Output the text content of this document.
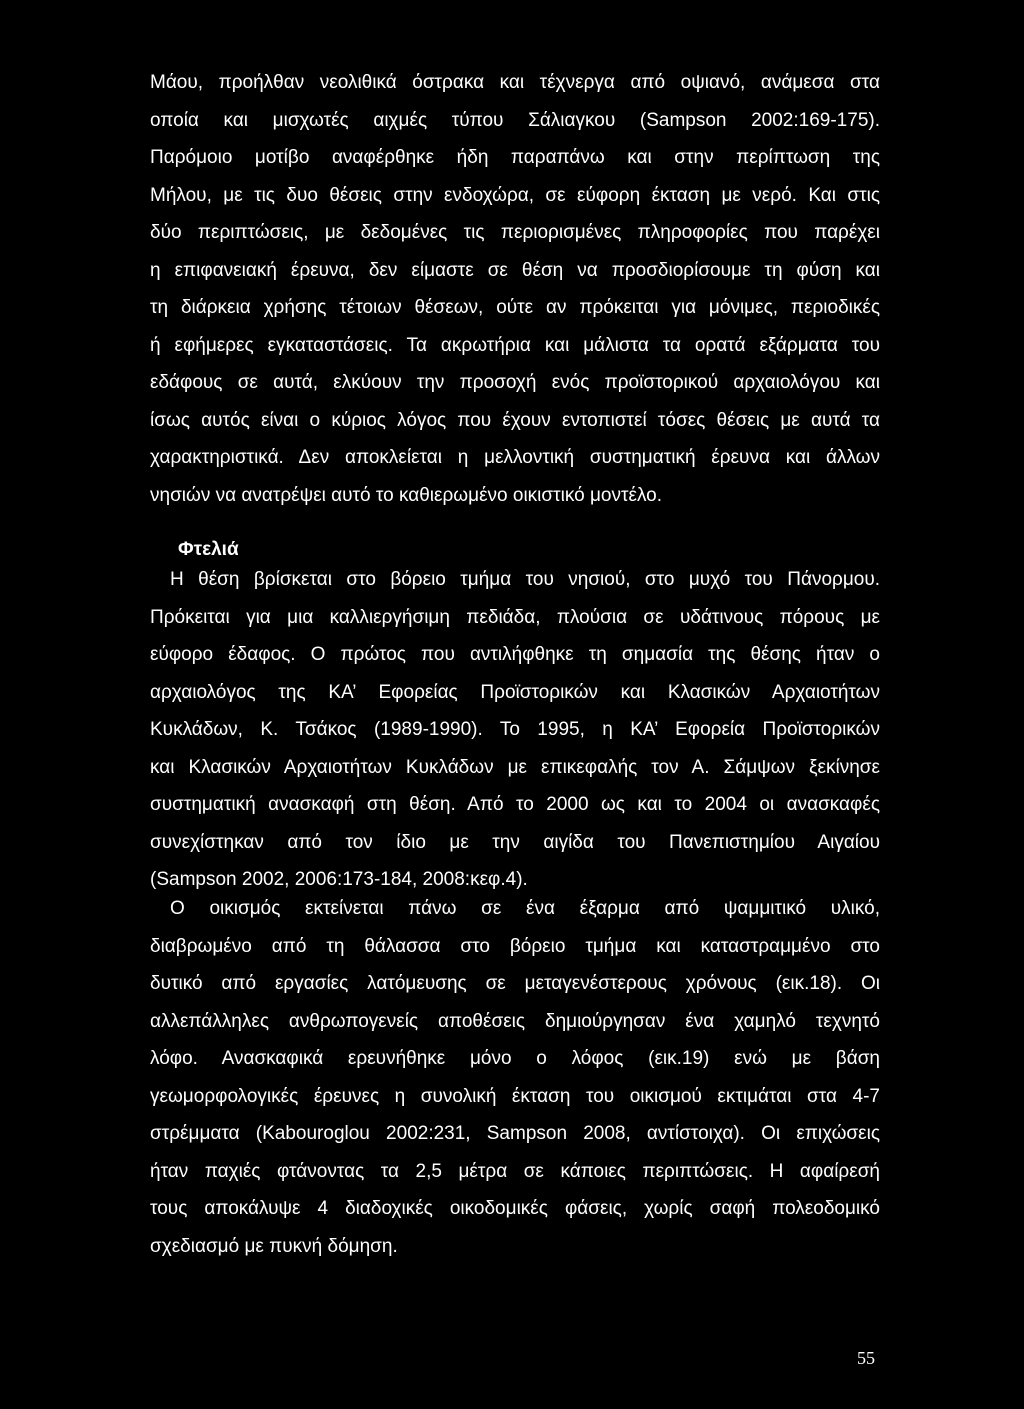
Μάου, προήλθαν νεολιθικά όστρακα και τέχνεργα από οψιανό, ανάμεσα στα
οποία και μισχωτές αιχμές τύπου Σάλιαγκου (Sampson 2002:169-175).
Παρόμοιο μοτίβο αναφέρθηκε ήδη παραπάνω και στην περίπτωση της
Μήλου, με τις δυο θέσεις στην ενδοχώρα, σε εύφορη έκταση με νερό. Και στις
δύο περιπτώσεις, με δεδομένες τις περιορισμένες πληροφορίες που παρέχει
η επιφανειακή έρευνα, δεν είμαστε σε θέση να προσδιορίσουμε τη φύση και
τη διάρκεια χρήσης τέτοιων θέσεων, ούτε αν πρόκειται για μόνιμες, περιοδικές
ή εφήμερες εγκαταστάσεις. Τα ακρωτήρια και μάλιστα τα ορατά εξάρματα του
εδάφους σε αυτά, ελκύουν την προσοχή ενός προϊστορικού αρχαιολόγου και
ίσως αυτός είναι ο κύριος λόγος που έχουν εντοπιστεί τόσες θέσεις με αυτά τα
χαρακτηριστικά. Δεν αποκλείεται η μελλοντική συστηματική έρευνα και άλλων
νησιών να ανατρέψει αυτό το καθιερωμένο οικιστικό μοντέλο.
Φτελιά
Η θέση βρίσκεται στο βόρειο τμήμα του νησιού, στο μυχό του Πάνορμου.
Πρόκειται για μια καλλιεργήσιμη πεδιάδα, πλούσια σε υδάτινους πόρους με
εύφορο έδαφος. Ο πρώτος που αντιλήφθηκε τη σημασία της θέσης ήταν ο
αρχαιολόγος της ΚΑ’ Εφορείας Προϊστορικών και Κλασικών Αρχαιοτήτων
Κυκλάδων, Κ. Τσάκος (1989-1990). Το 1995, η ΚΑ’ Εφορεία Προϊστορικών
και Κλασικών Αρχαιοτήτων Κυκλάδων με επικεφαλής τον Α. Σάμψων ξεκίνησε
συστηματική ανασκαφή στη θέση. Από το 2000 ως και το 2004 οι ανασκαφές
συνεχίστηκαν από τον ίδιο με την αιγίδα του Πανεπιστημίου Αιγαίου
(Sampson 2002, 2006:173-184, 2008:κεφ.4).
Ο οικισμός εκτείνεται πάνω σε ένα έξαρμα από ψαμμιτικό υλικό,
διαβρωμένο από τη θάλασσα στο βόρειο τμήμα και καταστραμμένο στο
δυτικό από εργασίες λατόμευσης σε μεταγενέστερους χρόνους (εικ.18). Οι
αλλεπάλληλες ανθρωπογενείς αποθέσεις δημιούργησαν ένα χαμηλό τεχνητό
λόφο. Ανασκαφικά ερευνήθηκε μόνο ο λόφος (εικ.19) ενώ με βάση
γεωμορφολογικές έρευνες η συνολική έκταση του οικισμού εκτιμάται στα 4-7
στρέμματα (Kabouroglou 2002:231, Sampson 2008, αντίστοιχα). Οι επιχώσεις
ήταν παχιές φτάνοντας τα 2,5 μέτρα σε κάποιες περιπτώσεις. Η αφαίρεσή
τους αποκάλυψε 4 διαδοχικές οικοδομικές φάσεις, χωρίς σαφή πολεοδομικό
σχεδιασμό με πυκνή δόμηση.
55
